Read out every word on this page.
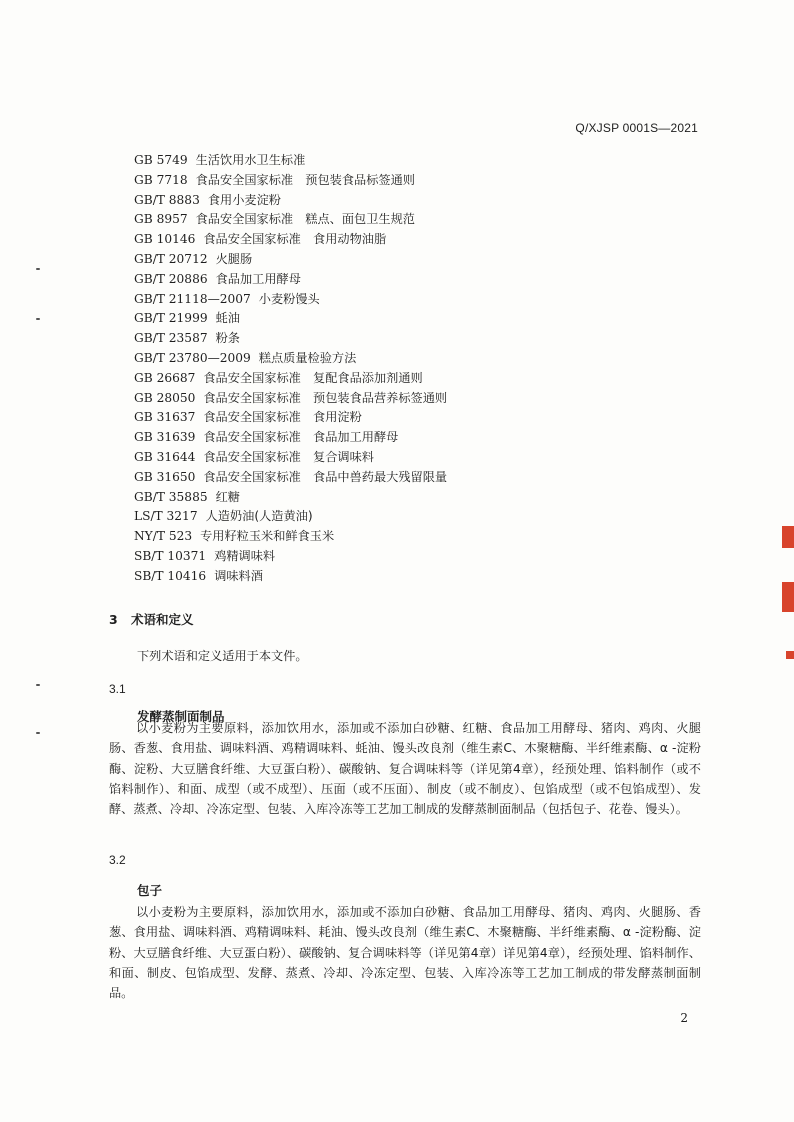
Q/XJSP 0001S—2021
GB 5749 生活饮用水卫生标准
GB 7718 食品安全国家标准　预包装食品标签通则
GB/T 8883 食用小麦淀粉
GB 8957 食品安全国家标准　糕点、面包卫生规范
GB 10146 食品安全国家标准　食用动物油脂
GB/T 20712 火腿肠
GB/T 20886 食品加工用酵母
GB/T 21118—2007 小麦粉馒头
GB/T 21999 蚝油
GB/T 23587 粉条
GB/T 23780—2009 糕点质量检验方法
GB 26687 食品安全国家标准　复配食品添加剂通则
GB 28050 食品安全国家标准　预包装食品营养标签通则
GB 31637 食品安全国家标准　食用淀粉
GB 31639 食品安全国家标准　食品加工用酵母
GB 31644 食品安全国家标准　复合调味料
GB 31650 食品安全国家标准　食品中兽药最大残留限量
GB/T 35885 红糖
LS/T 3217 人造奶油(人造黄油)
NY/T 523 专用籽粒玉米和鲜食玉米
SB/T 10371 鸡精调味料
SB/T 10416 调味料酒
3 术语和定义
下列术语和定义适用于本文件。
3.1
发酵蒸制面制品

以小麦粉为主要原料，添加饮用水，添加或不添加白砂糖、红糖、食品加工用酵母、猪肉、鸡肉、火腿肠、香葱、食用盐、调味料酒、鸡精调味料、蚝油、馒头改良剂（维生素C、木聚糖酶、半纤维素酶、α -淀粉酶、淀粉、大豆膳食纤维、大豆蛋白粉）、碳酸钠、复合调味料等（详见第4章），经预处理、馅料制作（或不馅料制作）、和面、成型（或不成型）、压面（或不压面）、制皮（或不制皮）、包馅成型（或不包馅成型）、发酵、蒸煮、冷却、冷冻定型、包装、入库冷冻等工艺加工制成的发酵蒸制面制品（包括包子、花卷、馒头）。

3.2
包子

以小麦粉为主要原料，添加饮用水，添加或不添加白砂糖、食品加工用酵母、猪肉、鸡肉、火腿肠、香葱、食用盐、调味料酒、鸡精调味料、耗油、馒头改良剂（维生素C、木聚糖酶、半纤维素酶、α -淀粉酶、淀粉、大豆膳食纤维、大豆蛋白粉）、碳酸钠、复合调味料等（详见第4章）详见第4章），经预处理、馅料制作、和面、制皮、包馅成型、发酵、蒸煮、冷却、冷冻定型、包装、入库冷冻等工艺加工制成的带发酵蒸制面制品。

2
